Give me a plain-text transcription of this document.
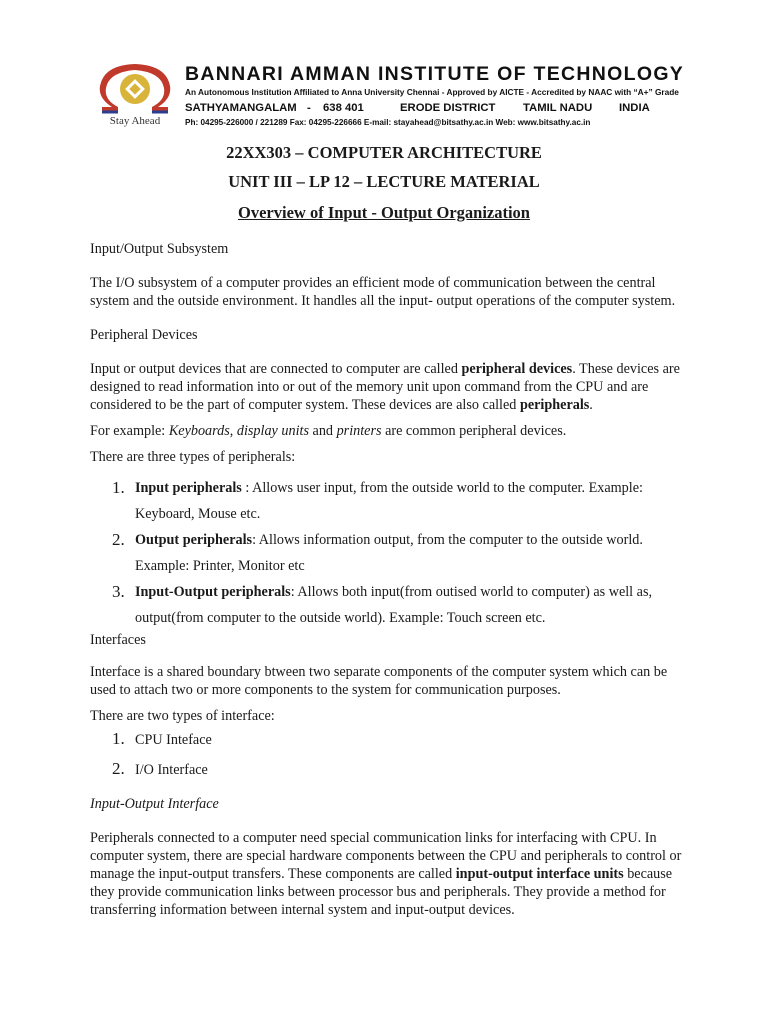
Stay Ahead
BANNARI AMMAN INSTITUTE OF TECHNOLOGY
An Autonomous Institution Affiliated to Anna University Chennai - Approved by AICTE - Accredited by NAAC with “A+” Grade
SATHYAMANGALAM -	638 401	ERODE DISTRICT	TAMIL NADU	INDIA
Ph: 04295-226000 / 221289 Fax: 04295-226666 E-mail: stayahead@bitsathy.ac.in Web: www.bitsathy.ac.in
22XX303 – COMPUTER ARCHITECTURE
UNIT III – LP 12 – LECTURE MATERIAL
Overview of Input - Output Organization

Input/Output Subsystem

The I/O subsystem of a computer provides an efficient mode of communication between the central system and the outside environment. It handles all the input- output operations of the computer system.

Peripheral Devices

Input or output devices that are connected to computer are called peripheral devices. These devices are designed to read information into or out of the memory unit upon command from the CPU and are considered to be the part of computer system. These devices are also called peripherals.

For example: Keyboards, display units and printers are common peripheral devices.

There are three types of peripherals:

1. Input peripherals : Allows user input, from the outside world to the computer. Example: Keyboard, Mouse etc.
2. Output peripherals: Allows information output, from the computer to the outside world. Example: Printer, Monitor etc
3. Input-Output peripherals: Allows both input(from outised world to computer) as well as, output(from computer to the outside world). Example: Touch screen etc.

Interfaces

Interface is a shared boundary btween two separate components of the computer system which can be used to attach two or more components to the system for communication purposes.

There are two types of interface:

1. CPU Inteface
2. I/O Interface

Input-Output Interface

Peripherals connected to a computer need special communication links for interfacing with CPU. In computer system, there are special hardware components between the CPU and peripherals to control or manage the input-output transfers. These components are called input-output interface units because they provide communication links between processor bus and peripherals. They provide a method for transferring information between internal system and input-output devices.
